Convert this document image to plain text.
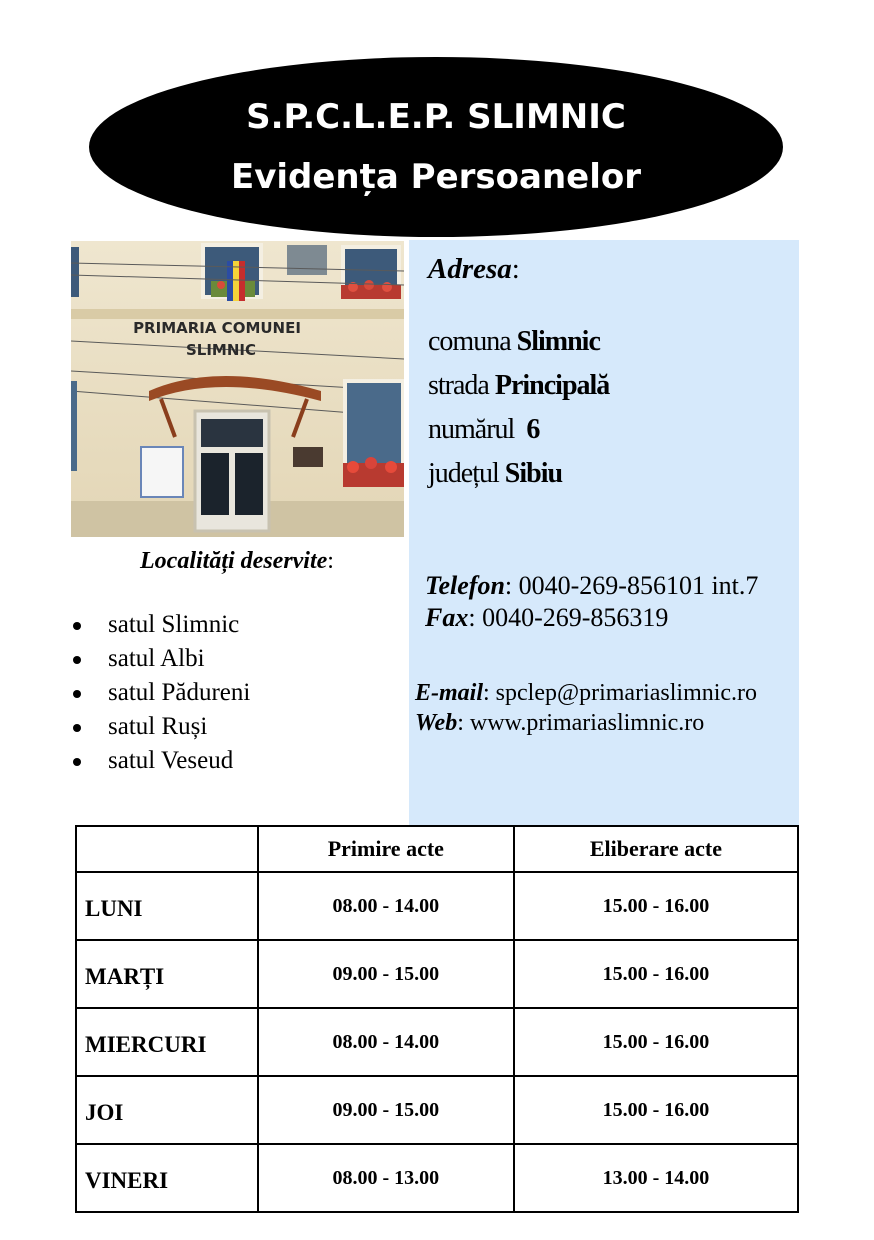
S.P.C.L.E.P. SLIMNIC
Evidența Persoanelor
PRIMARIA COMUNEI
SLIMNIC
Adresa:
comuna Slimnic
strada Principală
numărul  6
județul Sibiu
Telefon: 0040-269-856101 int.7
Fax: 0040-269-856319
E-mail: spclep@primariaslimnic.ro
Web: www.primariaslimnic.ro
Localități deservite:
satul Slimnic
satul Albi
satul Pădureni
satul Ruși
satul Veseud
	Primire acte	Eliberare acte
LUNI	08.00 - 14.00	15.00 - 16.00
MARȚI	09.00 - 15.00	15.00 - 16.00
MIERCURI	08.00 - 14.00	15.00 - 16.00
JOI	09.00 - 15.00	15.00 - 16.00
VINERI	08.00 - 13.00	13.00 - 14.00
